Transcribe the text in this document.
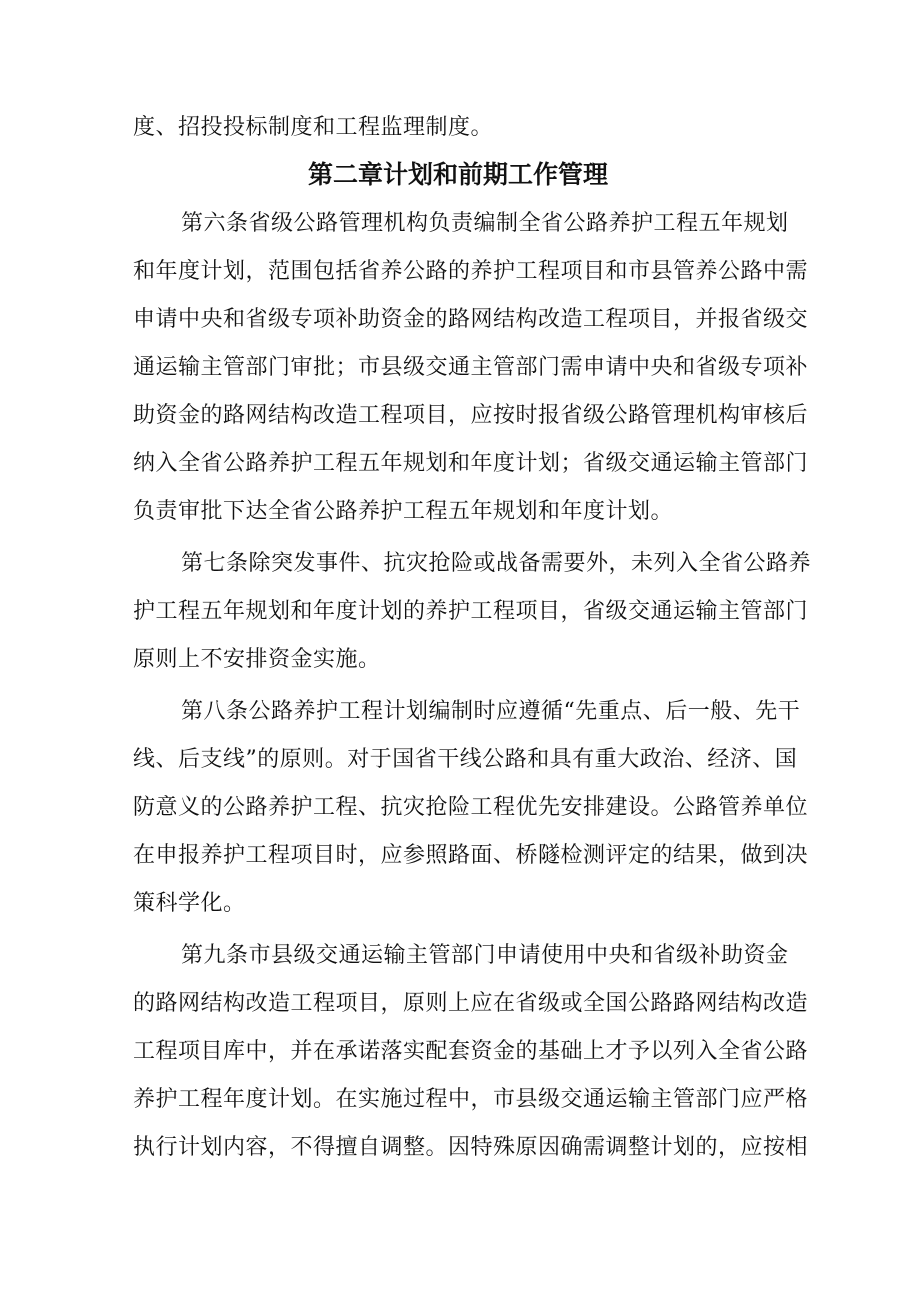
度、招投投标制度和工程监理制度。
第二章计划和前期工作管理
第六条省级公路管理机构负责编制全省公路养护工程五年规划
和年度计划，范围包括省养公路的养护工程项目和市县管养公路中需
申请中央和省级专项补助资金的路网结构改造工程项目，并报省级交
通运输主管部门审批；市县级交通主管部门需申请中央和省级专项补
助资金的路网结构改造工程项目，应按时报省级公路管理机构审核后
纳入全省公路养护工程五年规划和年度计划；省级交通运输主管部门
负责审批下达全省公路养护工程五年规划和年度计划。
第七条除突发事件、抗灾抢险或战备需要外，未列入全省公路养
护工程五年规划和年度计划的养护工程项目，省级交通运输主管部门
原则上不安排资金实施。
第八条公路养护工程计划编制时应遵循“先重点、后一般、先干
线、后支线”的原则。对于国省干线公路和具有重大政治、经济、国
防意义的公路养护工程、抗灾抢险工程优先安排建设。公路管养单位
在申报养护工程项目时，应参照路面、桥隧检测评定的结果，做到决
策科学化。
第九条市县级交通运输主管部门申请使用中央和省级补助资金
的路网结构改造工程项目，原则上应在省级或全国公路路网结构改造
工程项目库中，并在承诺落实配套资金的基础上才予以列入全省公路
养护工程年度计划。在实施过程中，市县级交通运输主管部门应严格
执行计划内容，不得擅自调整。因特殊原因确需调整计划的，应按相
